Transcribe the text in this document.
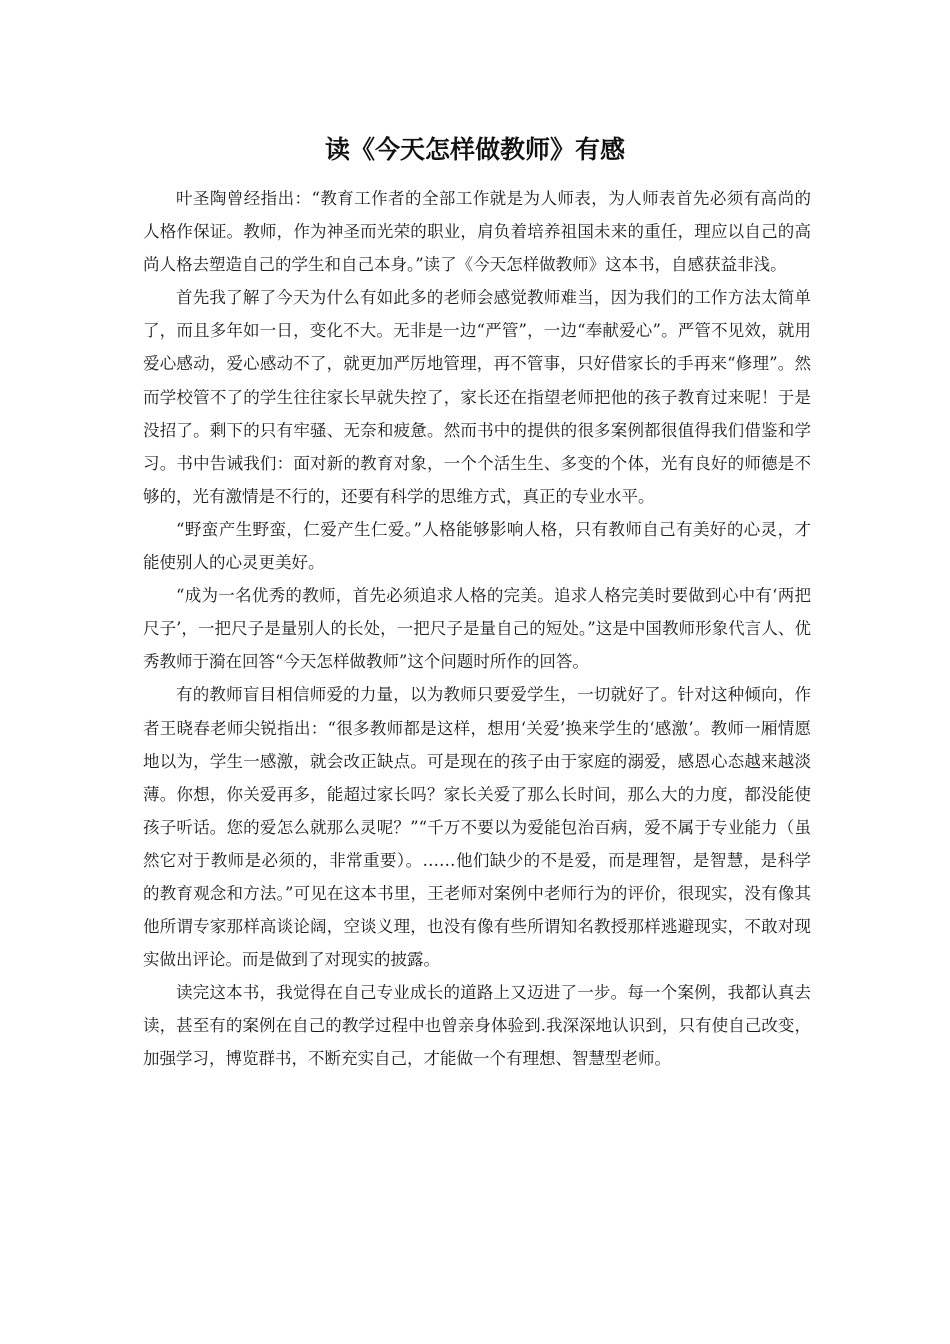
读《今天怎样做教师》有感

叶圣陶曾经指出：“教育工作者的全部工作就是为人师表，为人师表首先必须有高尚的人格作保证。教师，作为神圣而光荣的职业，肩负着培养祖国未来的重任，理应以自己的高尚人格去塑造自己的学生和自己本身。”读了《今天怎样做教师》这本书，自感获益非浅。

首先我了解了今天为什么有如此多的老师会感觉教师难当，因为我们的工作方法太简单了，而且多年如一日，变化不大。无非是一边“严管”，一边“奉献爱心”。严管不见效，就用爱心感动，爱心感动不了，就更加严厉地管理，再不管事，只好借家长的手再来“修理”。然而学校管不了的学生往往家长早就失控了，家长还在指望老师把他的孩子教育过来呢！于是没招了。剩下的只有牢骚、无奈和疲惫。然而书中的提供的很多案例都很值得我们借鉴和学习。书中告诫我们：面对新的教育对象，一个个活生生、多变的个体，光有良好的师德是不够的，光有激情是不行的，还要有科学的思维方式，真正的专业水平。

“野蛮产生野蛮，仁爱产生仁爱。”人格能够影响人格，只有教师自己有美好的心灵，才能使别人的心灵更美好。

“成为一名优秀的教师，首先必须追求人格的完美。追求人格完美时要做到心中有‘两把尺子’，一把尺子是量别人的长处，一把尺子是量自己的短处。”这是中国教师形象代言人、优秀教师于漪在回答“今天怎样做教师”这个问题时所作的回答。

有的教师盲目相信师爱的力量，以为教师只要爱学生，一切就好了。针对这种倾向，作者王晓春老师尖锐指出：“很多教师都是这样，想用‘关爱’换来学生的‘感激’。教师一厢情愿地以为，学生一感激，就会改正缺点。可是现在的孩子由于家庭的溺爱，感恩心态越来越淡薄。你想，你关爱再多，能超过家长吗？家长关爱了那么长时间，那么大的力度，都没能使孩子听话。您的爱怎么就那么灵呢？”“千万不要以为爱能包治百病，爱不属于专业能力（虽然它对于教师是必须的，非常重要）。……他们缺少的不是爱，而是理智，是智慧，是科学的教育观念和方法。”可见在这本书里，王老师对案例中老师行为的评价，很现实，没有像其他所谓专家那样高谈论阔，空谈义理，也没有像有些所谓知名教授那样逃避现实，不敢对现实做出评论。而是做到了对现实的披露。

读完这本书，我觉得在自己专业成长的道路上又迈进了一步。每一个案例，我都认真去读，甚至有的案例在自己的教学过程中也曾亲身体验到.我深深地认识到，只有使自己改变，加强学习，博览群书，不断充实自己，才能做一个有理想、智慧型老师。
